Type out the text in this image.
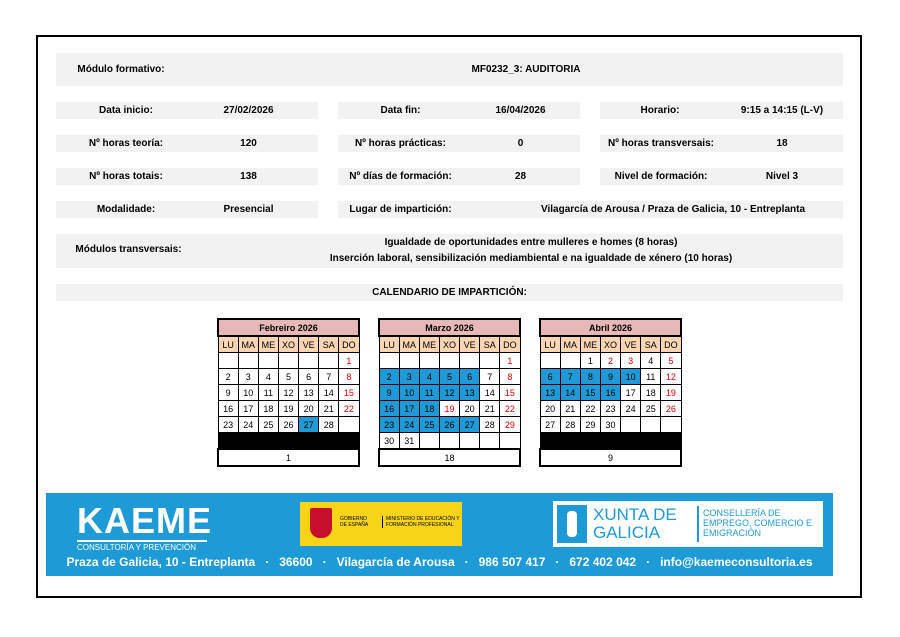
Módulo formativo:	MF0232_3: AUDITORIA
Data inicio:	27/02/2026	Data fin:	16/04/2026	Horario:	9:15 a 14:15 (L-V)
Nº horas teoría:	120	Nº horas prácticas:	0	Nº horas transversais:	18
Nº horas totais:	138	Nº días de formación:	28	Nivel de formación:	Nivel 3
Modalidade:	Presencial	Lugar de impartición:	Vilagarcía de Arousa / Praza de Galicia, 10 - Entreplanta
Módulos transversais:
Igualdade de oportunidades entre mulleres e homes (8 horas)
Inserción laboral, sensibilización mediambiental e na igualdade de xénero (10 horas)
CALENDARIO DE IMPARTICIÓN:
Febreiro 2026						
LU	MA	ME	XO	VE	SA	DO
						1
2	3	4	5	6	7	8
9	10	11	12	13	14	15
16	17	18	19	20	21	22
23	24	25	26	27	28	

1						
Marzo 2026						
LU	MA	ME	XO	VE	SA	DO
						1
2	3	4	5	6	7	8
9	10	11	12	13	14	15
16	17	18	19	20	21	22
23	24	25	26	27	28	29
30	31					
18						
Abril 2026						
LU	MA	ME	XO	VE	SA	DO
		1	2	3	4	5
6	7	8	9	10	11	12
13	14	15	16	17	18	19
20	21	22	23	24	25	26
27	28	29	30			

9						
KAEME
CONSULTORÍA Y PREVENCIÓN
GOBIERNO DE ESPAÑA
MINISTERIO DE EDUCACIÓN Y FORMACIÓN PROFESIONAL
XUNTA DE GALICIA
CONSELLERÍA DE EMPREGO, COMERCIO E EMIGRACIÓN
Praza de Galicia, 10 - Entreplanta   ·   36600   ·   Vilagarcía de Arousa   ·   986 507 417   ·   672 402 042   ·   info@kaemeconsultoria.es
